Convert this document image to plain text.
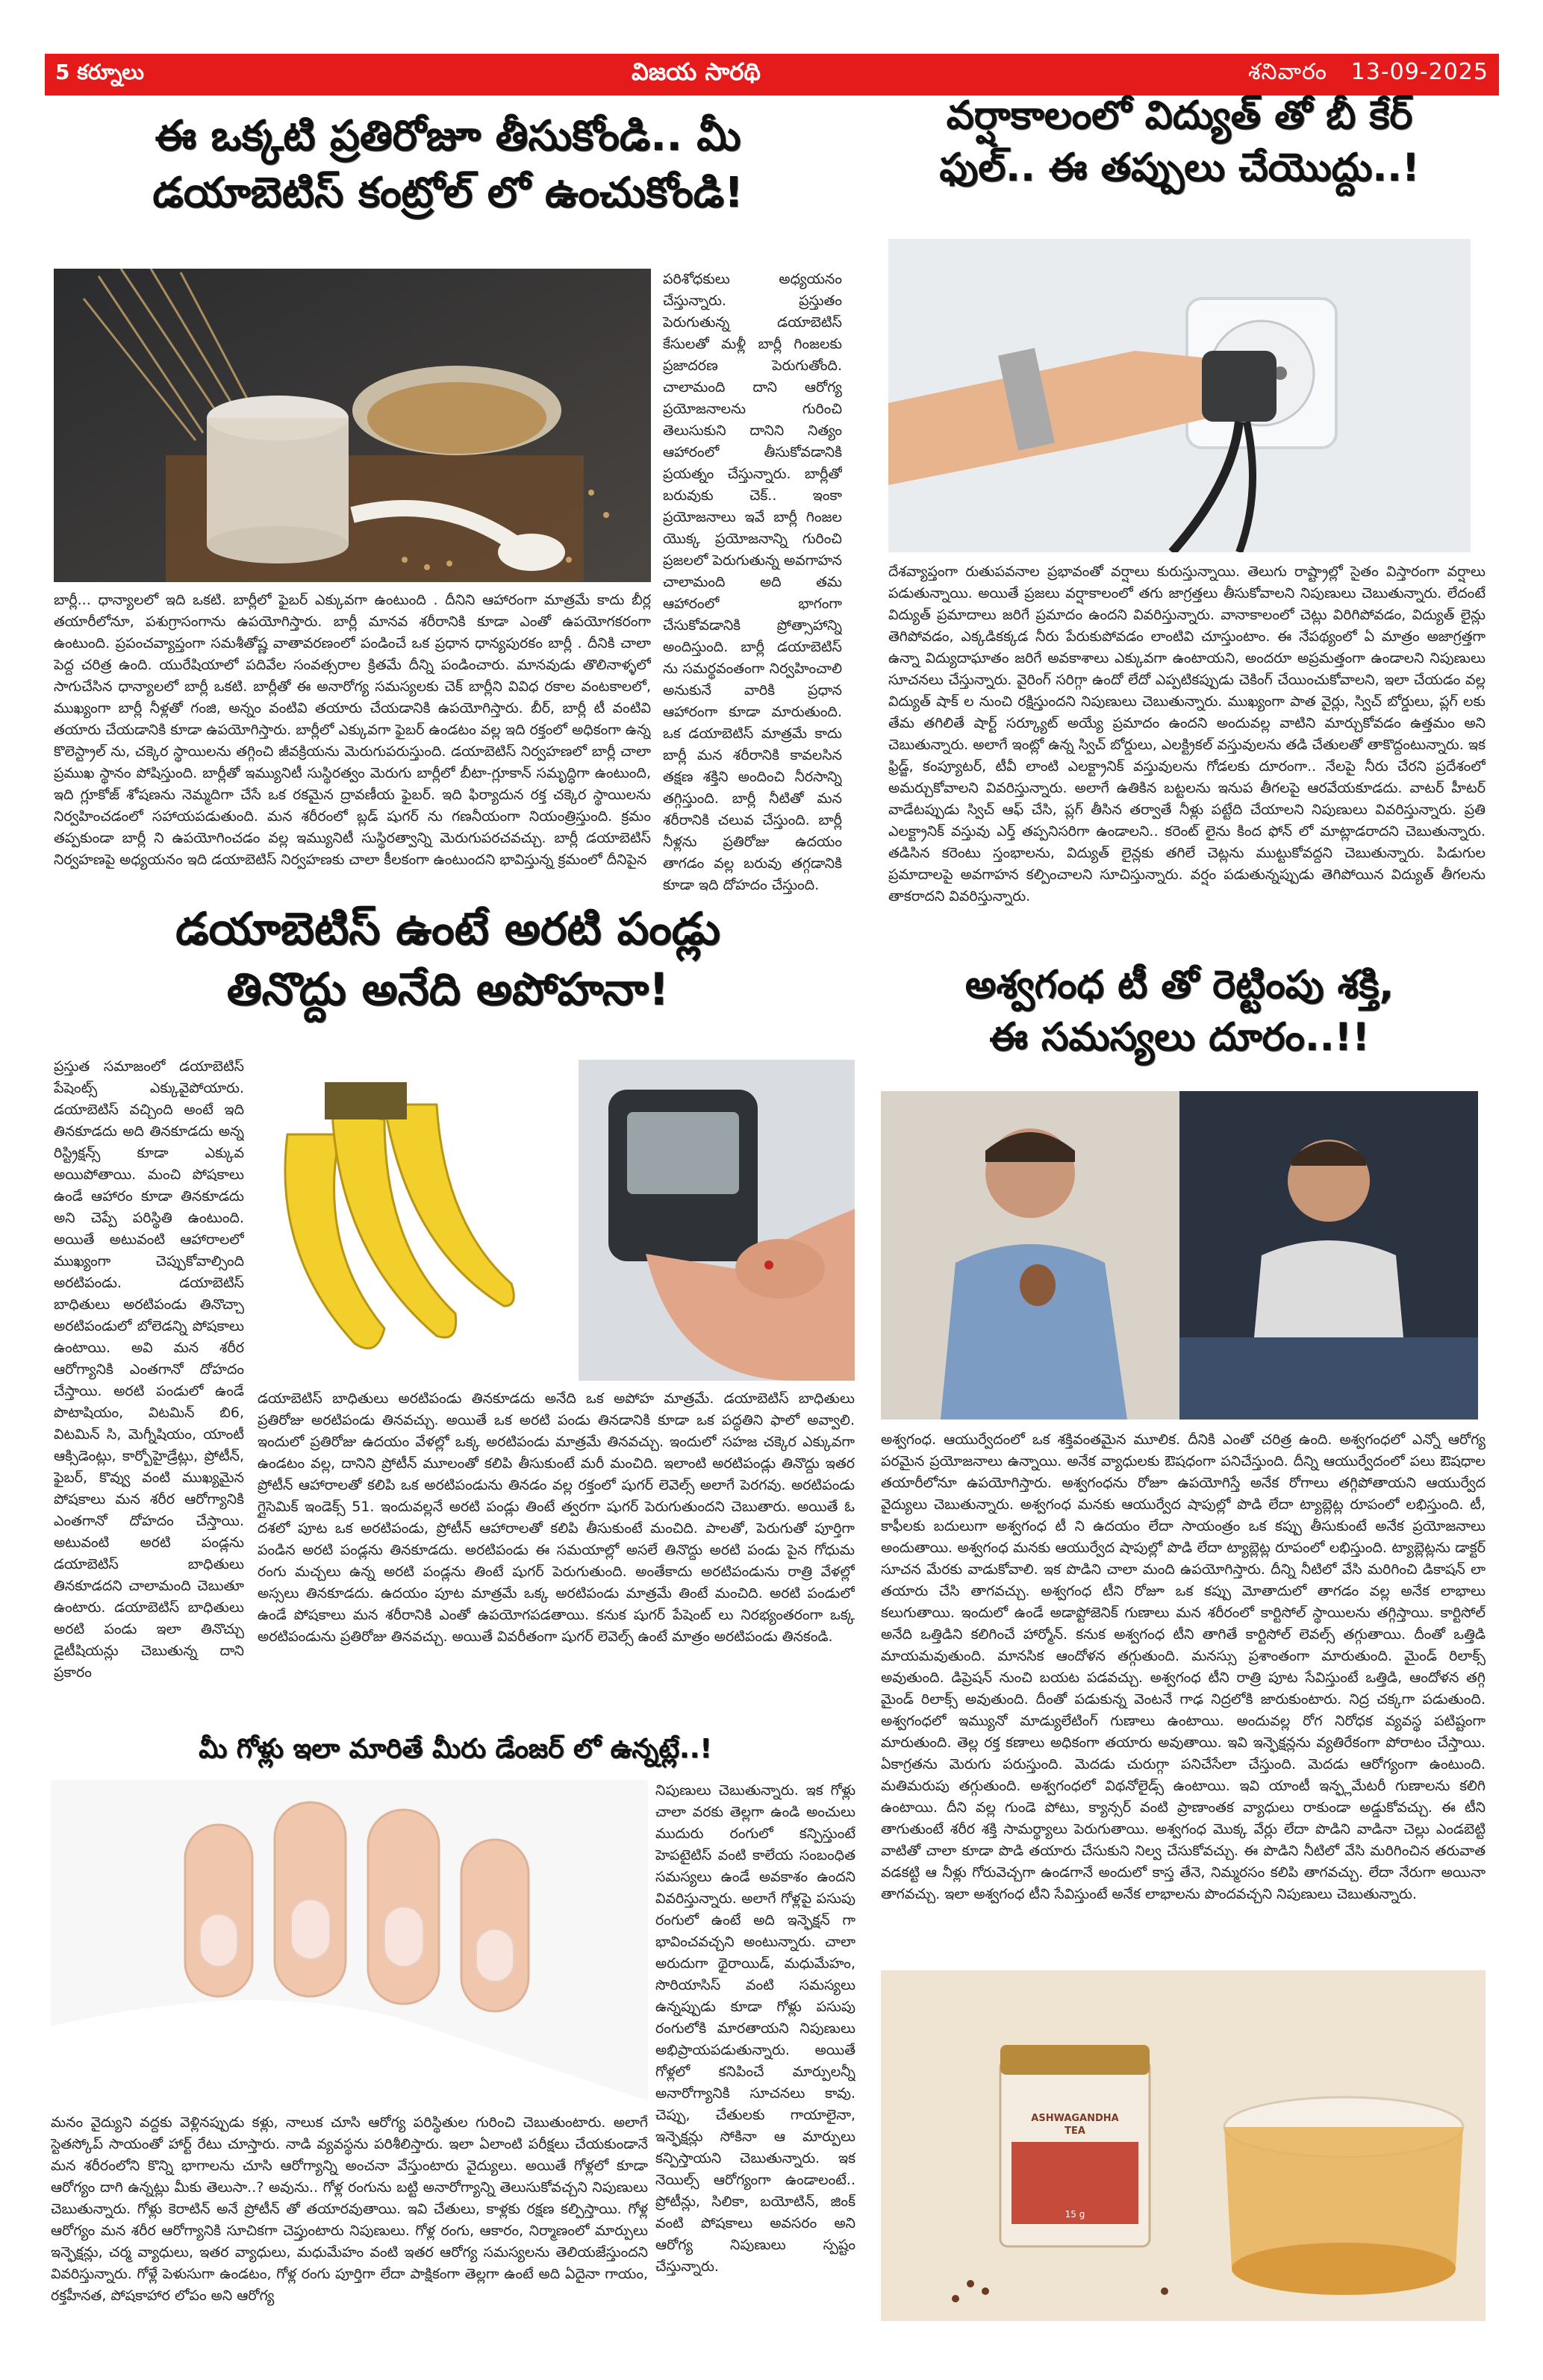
5 కర్నూలు	విజయ సారథి	శనివారం 13-09-2025
ఈ ఒక్కటి ప్రతిరోజూ తీసుకోండి.. మీ
డయాబెటిస్ కంట్రోల్ లో ఉంచుకోండి!
పరిశోధకులు అధ్యయనం చేస్తున్నారు. ప్రస్తుతం పెరుగుతున్న డయాబెటిస్ కేసులతో మళ్లీ బార్లీ గింజలకు ప్రజాదరణ పెరుగుతోంది. చాలామంది దాని ఆరోగ్య ప్రయోజనాలను గురించి తెలుసుకుని దానిని నిత్యం ఆహారంలో తీసుకోవడానికి ప్రయత్నం చేస్తున్నారు. బార్లీతో బరువుకు చెక్.. ఇంకా ప్రయోజనాలు ఇవే బార్లీ గింజల యొక్క ప్రయోజనాన్ని గురించి ప్రజలలో పెరుగుతున్న అవగాహన చాలామంది అది తమ ఆహారంలో భాగంగా చేసుకోవడానికి ప్రోత్సాహాన్ని అందిస్తుంది. బార్లీ డయాబెటిస్ ను సమర్థవంతంగా నిర్వహించాలి అనుకునే వారికి ప్రధాన ఆహారంగా కూడా మారుతుంది. ఒక డయాబెటిస్ మాత్రమే కాదు బార్లీ మన శరీరానికి కావలసిన తక్షణ శక్తిని అందించి నీరసాన్ని తగ్గిస్తుంది. బార్లీ నీటితో మన శరీరానికి చలువ చేస్తుంది. బార్లీ నీళ్లను ప్రతిరోజు ఉదయం తాగడం వల్ల బరువు తగ్గడానికి కూడా ఇది దోహదం చేస్తుంది.
బార్లీ... ధాన్యాలలో ఇది ఒకటి. బార్లీలో ఫైబర్ ఎక్కువగా ఉంటుంది . దీనిని ఆహారంగా మాత్రమే కాదు బీర్ల తయారీలోనూ, పశుగ్రాసంగాను ఉపయోగిస్తారు. బార్లీ మానవ శరీరానికి కూడా ఎంతో ఉపయోగకరంగా ఉంటుంది. ప్రపంచవ్యాప్తంగా సమశీతోష్ణ వాతావరణంలో పండించే ఒక ప్రధాన ధాన్యపురకం బార్లీ . దీనికి చాలా పెద్ద చరిత్ర ఉంది. యురేషియాలో పదివేల సంవత్సరాల క్రితమే దీన్ని పండించారు. మానవుడు తొలినాళ్ళలో సాగుచేసిన ధాన్యాలలో బార్లీ ఒకటి. బార్లీతో ఈ అనారోగ్య సమస్యలకు చెక్ బార్లీని వివిధ రకాల వంటకాలలో, ముఖ్యంగా బార్లీ నీళ్లతో గంజి, అన్నం వంటివి తయారు చేయడానికి ఉపయోగిస్తారు. బీర్, బార్లీ టీ వంటివి తయారు చేయడానికి కూడా ఉపయోగిస్తారు. బార్లీలో ఎక్కువగా ఫైబర్ ఉండటం వల్ల ఇది రక్తంలో అధికంగా ఉన్న కొలెస్ట్రాల్ ను, చక్కెర స్థాయిలను తగ్గించి జీవక్రియను మెరుగుపరుస్తుంది. డయాబెటిస్ నిర్వహణలో బార్లీ చాలా ప్రముఖ స్థానం పోషిస్తుంది. బార్లీతో ఇమ్యునిటీ సుస్థిరత్వం మెరుగు బార్లీలో బీటా-గ్లూకాన్ సమృద్ధిగా ఉంటుంది, ఇది గ్లూకోజ్ శోషణను నెమ్మదిగా చేసే ఒక రకమైన ద్రావణీయ ఫైబర్. ఇది ఫిర్యాదున రక్త చక్కెర స్థాయిలను నిర్వహించడంలో సహాయపడుతుంది. మన శరీరంలో బ్లడ్ షుగర్ ను గణనీయంగా నియంత్రిస్తుంది. క్రమం తప్పకుండా బార్లీ ని ఉపయోగించడం వల్ల ఇమ్యునిటీ సుస్థిరత్వాన్ని మెరుగుపరచవచ్చు. బార్లీ డయాబెటిస్ నిర్వహణపై అధ్యయనం ఇది డయాబెటిస్ నిర్వహణకు చాలా కీలకంగా ఉంటుందని భావిస్తున్న క్రమంలో దీనిపైన
వర్షాకాలంలో విద్యుత్ తో బీ కేర్
ఫుల్.. ఈ తప్పులు చేయొద్దు..!
దేశవ్యాప్తంగా రుతుపవనాల ప్రభావంతో వర్షాలు కురుస్తున్నాయి. తెలుగు రాష్ట్రాల్లో సైతం విస్తారంగా వర్షాలు పడుతున్నాయి. అయితే ప్రజలు వర్షాకాలంలో తగు జాగ్రత్తలు తీసుకోవాలని నిపుణులు చెబుతున్నారు. లేదంటే విద్యుత్ ప్రమాదాలు జరిగే ప్రమాదం ఉందని వివరిస్తున్నారు. వానాకాలంలో చెట్లు విరిగిపోవడం, విద్యుత్ లైన్లు తెగిపోవడం, ఎక్కడికక్కడ నీరు పేరుకుపోవడం లాంటివి చూస్తుంటాం. ఈ నేపథ్యంలో ఏ మాత్రం అజాగ్రత్తగా ఉన్నా విద్యుదాఘాతం జరిగే అవకాశాలు ఎక్కువగా ఉంటాయని, అందరూ అప్రమత్తంగా ఉండాలని నిపుణులు సూచనలు చేస్తున్నారు. వైరింగ్ సరిగ్గా ఉందో లేదో ఎప్పటికప్పుడు చెకింగ్ చేయించుకోవాలని, ఇలా చేయడం వల్ల విద్యుత్ షాక్ ల నుంచి రక్షిస్తుందని నిపుణులు చెబుతున్నారు. ముఖ్యంగా పాత వైర్లు, స్విచ్ బోర్డులు, ప్లగ్ లకు తేమ తగిలితే షార్ట్ సర్క్యూట్ అయ్యే ప్రమాదం ఉందని అందువల్ల వాటిని మార్చుకోవడం ఉత్తమం అని చెబుతున్నారు. అలాగే ఇంట్లో ఉన్న స్విచ్ బోర్డులు, ఎలక్ట్రికల్ వస్తువులను తడి చేతులతో తాకొద్దంటున్నారు. ఇక ఫ్రిడ్జ్, కంప్యూటర్, టీవీ లాంటి ఎలక్ట్రానిక్ వస్తువులను గోడలకు దూరంగా.. నేలపై నీరు చేరని ప్రదేశంలో అమర్చుకోవాలని వివరిస్తున్నారు. అలాగే ఉతికిన బట్టలను ఇనుప తీగలపై ఆరవేయకూడదు. వాటర్ హీటర్ వాడేటప్పుడు స్విచ్ ఆఫ్ చేసి, ప్లగ్ తీసిన తర్వాతే నీళ్లు పట్టేది చేయాలని నిపుణులు వివరిస్తున్నారు. ప్రతి ఎలక్ట్రానిక్ వస్తువు ఎర్త్ తప్పనిసరిగా ఉండాలని.. కరెంట్ లైను కింద ఫోన్ లో మాట్లాడరాదని చెబుతున్నారు. తడిసిన కరెంటు స్తంభాలను, విద్యుత్ లైన్లకు తగిలే చెట్లను ముట్టుకోవద్దని చెబుతున్నారు. పిడుగుల ప్రమాదాలపై అవగాహన కల్పించాలని సూచిస్తున్నారు. వర్షం పడుతున్నప్పుడు తెగిపోయిన విద్యుత్ తీగలను తాకరాదని వివరిస్తున్నారు.
డయాబెటిస్ ఉంటే అరటి పండ్లు
తినొద్దు అనేది అపోహనా!
ప్రస్తుత సమాజంలో డయాబెటిస్ పేషెంట్స్ ఎక్కువైపోయారు. డయాబెటిస్ వచ్చింది అంటే ఇది తినకూడదు అది తినకూడదు అన్న రిస్ట్రిక్షన్స్ కూడా ఎక్కువ అయిపోతాయి. మంచి పోషకాలు ఉండే ఆహారం కూడా తినకూడదు అని చెప్పే పరిస్థితి ఉంటుంది. అయితే అటువంటి ఆహారాలలో ముఖ్యంగా చెప్పుకోవాల్సింది అరటిపండు. డయాబెటిస్ బాధితులు అరటిపండు తినొచ్చా అరటిపండులో బోలెడన్ని పోషకాలు ఉంటాయి. అవి మన శరీర ఆరోగ్యానికి ఎంతగానో దోహదం చేస్తాయి. అరటి పండులో ఉండే పొటాషియం, విటమిన్ బి6, విటమిన్ సి, మెగ్నీషియం, యాంటీ ఆక్సిడెంట్లు, కార్బోహైడ్రేట్లు, ప్రోటీన్, ఫైబర్, కొవ్వు వంటి ముఖ్యమైన పోషకాలు మన శరీర ఆరోగ్యానికి ఎంతగానో దోహదం చేస్తాయి. అటువంటి అరటి పండ్లను డయాబెటిస్ బాధితులు తినకూడదని చాలామంది చెబుతూ ఉంటారు. డయాబెటిస్ బాధితులు అరటి పండు ఇలా తినొచ్చు డైటీషియన్లు చెబుతున్న దాని ప్రకారం
డయాబెటిస్ బాధితులు అరటిపండు తినకూడదు అనేది ఒక అపోహ మాత్రమే. డయాబెటిస్ బాధితులు ప్రతిరోజు అరటిపండు తినవచ్చు. అయితే ఒక అరటి పండు తినడానికి కూడా ఒక పద్ధతిని ఫాలో అవ్వాలి. ఇందులో ప్రతిరోజు ఉదయం వేళల్లో ఒక్క అరటిపండు మాత్రమే తినవచ్చు. ఇందులో సహజ చక్కెర ఎక్కువగా ఉండటం వల్ల, దానిని ప్రోటీన్ మూలంతో కలిపి తీసుకుంటే మరీ మంచిది. ఇలాంటి అరటిపండ్లు తినొద్దు ఇతర ప్రోటీన్ ఆహారాలతో కలిపి ఒక అరటిపండును తినడం వల్ల రక్తంలో షుగర్ లెవెల్స్ అలాగే పెరగవు. అరటిపండు గ్లైసెమిక్ ఇండెక్స్ 51. ఇందువల్లనే అరటి పండ్లు తింటే త్వరగా షుగర్ పెరుగుతుందని చెబుతారు. అయితే ఓ దశలో పూట ఒక అరటిపండు, ప్రోటీన్ ఆహారాలతో కలిపి తీసుకుంటే మంచిది. పాలతో, పెరుగుతో పూర్తిగా పండిన అరటి పండ్లను తినకూడదు. అరటిపండు ఈ సమయాల్లో అసలే తినొద్దు అరటి పండు పైన గోధుమ రంగు మచ్చలు ఉన్న అరటి పండ్లను తింటే షుగర్ పెరుగుతుంది. అంతేకాదు అరటిపండును రాత్రి వేళల్లో అస్సలు తినకూడదు. ఉదయం పూట మాత్రమే ఒక్క అరటిపండు మాత్రమే తింటే మంచిది. అరటి పండులో ఉండే పోషకాలు మన శరీరానికి ఎంతో ఉపయోగపడతాయి. కనుక షుగర్ పేషెంట్ లు నిరభ్యంతరంగా ఒక్క అరటిపండును ప్రతిరోజు తినవచ్చు. అయితే వివరీతంగా షుగర్ లెవెల్స్ ఉంటే మాత్రం అరటిపండు తినకండి.
అశ్వగంధ టీ తో రెట్టింపు శక్తి,
ఈ సమస్యలు దూరం..!!
అశ్వగంధ. ఆయుర్వేదంలో ఒక శక్తివంతమైన మూలిక. దీనికి ఎంతో చరిత్ర ఉంది. అశ్వగంధలో ఎన్నో ఆరోగ్య పరమైన ప్రయోజనాలు ఉన్నాయి. అనేక వ్యాధులకు ఔషధంగా పనిచేస్తుంది. దీన్ని ఆయుర్వేదంలో పలు ఔషధాల తయారీలోనూ ఉపయోగిస్తారు. అశ్వగంధను రోజూ ఉపయోగిస్తే అనేక రోగాలు తగ్గిపోతాయని ఆయుర్వేద వైద్యులు చెబుతున్నారు. అశ్వగంధ మనకు ఆయుర్వేద షాపుల్లో పొడి లేదా ట్యాబ్లెట్ల రూపంలో లభిస్తుంది. టీ, కాఫీలకు బదులుగా అశ్వగంధ టీ ని ఉదయం లేదా సాయంత్రం ఒక కప్పు తీసుకుంటే అనేక ప్రయోజనాలు అందుతాయి. అశ్వగంధ మనకు ఆయుర్వేద షాపుల్లో పొడి లేదా ట్యాబ్లెట్ల రూపంలో లభిస్తుంది. ట్యాబ్లెట్లను డాక్టర్ సూచన మేరకు వాడుకోవాలి. ఇక పొడిని చాలా మంది ఉపయోగిస్తారు. దీన్ని నీటిలో వేసి మరిగించి డికాషన్ లా తయారు చేసి తాగవచ్చు. అశ్వగంధ టీని రోజూ ఒక కప్పు మోతాదులో తాగడం వల్ల అనేక లాభాలు కలుగుతాయి. ఇందులో ఉండే అడాప్టోజెనిక్ గుణాలు మన శరీరంలో కార్టిసోల్ స్థాయిలను తగ్గిస్తాయి. కార్టిసోల్ అనేది ఒత్తిడిని కలిగించే హార్మోన్. కనుక అశ్వగంధ టీని తాగితే కార్టిసోల్ లెవల్స్ తగ్గుతాయి. దీంతో ఒత్తిడి మాయమవుతుంది. మానసిక ఆందోళన తగ్గుతుంది. మనస్సు ప్రశాంతంగా మారుతుంది. మైండ్ రిలాక్స్ అవుతుంది. డిప్రెషన్ నుంచి బయట పడవచ్చు. అశ్వగంధ టీని రాత్రి పూట సేవిస్తుంటే ఒత్తిడి, ఆందోళన తగ్గి మైండ్ రిలాక్స్ అవుతుంది. దీంతో పడుకున్న వెంటనే గాఢ నిద్రలోకి జారుకుంటారు. నిద్ర చక్కగా పడుతుంది. అశ్వగంధలో ఇమ్యునో మాడ్యులేటింగ్ గుణాలు ఉంటాయి. అందువల్ల రోగ నిరోధక వ్యవస్థ పటిష్టంగా మారుతుంది. తెల్ల రక్త కణాలు అధికంగా తయారు అవుతాయి. ఇవి ఇన్ఫెక్షన్లను వ్యతిరేకంగా పోరాటం చేస్తాయి. ఏకాగ్రతను మెరుగు పరుస్తుంది. మెదడు చురుగ్గా పనిచేసేలా చేస్తుంది. మెదడు ఆరోగ్యంగా ఉంటుంది. మతిమరుపు తగ్గుతుంది. అశ్వగంధలో విథనోలైడ్స్ ఉంటాయి. ఇవి యాంటీ ఇన్ఫ్లమేటరీ గుణాలను కలిగి ఉంటాయి. దీని వల్ల గుండె పోటు, క్యాన్సర్ వంటి ప్రాణాంతక వ్యాధులు రాకుండా అడ్డుకోవచ్చు. ఈ టీని తాగుతుంటే శరీర శక్తి సామర్థ్యాలు పెరుగుతాయి. అశ్వగంధ మొక్క వేర్లు లేదా పొడిని వాడినా చెల్లు ఎండబెట్టి వాటితో చాలా కూడా పొడి తయారు చేసుకుని నిల్వ చేసుకోవచ్చు. ఈ పొడిని నీటిలో వేసి మరిగించిన తరువాత వడకట్టి ఆ నీళ్లు గోరువెచ్చగా ఉండగానే అందులో కాస్త తేనె, నిమ్మరసం కలిపి తాగవచ్చు. లేదా నేరుగా అయినా తాగవచ్చు. ఇలా అశ్వగంధ టీని సేవిస్తుంటే అనేక లాభాలను పొందవచ్చని నిపుణులు చెబుతున్నారు.
ASHWAGANDHA
TEA
15 g
మీ గోళ్లు ఇలా మారితే మీరు డేంజర్ లో ఉన్నట్లే..!
నిపుణులు చెబుతున్నారు. ఇక గోళ్లు చాలా వరకు తెల్లగా ఉండి అంచులు ముదురు రంగులో కన్పిస్తుంటే హెపటైటిస్ వంటి కాలేయ సంబంధిత సమస్యలు ఉండే అవకాశం ఉందని వివరిస్తున్నారు. అలాగే గోళ్లపై పసుపు రంగులో ఉంటే అది ఇన్ఫెక్షన్ గా భావించవచ్చని అంటున్నారు. చాలా అరుదుగా థైరాయిడ్, మధుమేహం, సొరియాసిస్ వంటి సమస్యలు ఉన్నప్పుడు కూడా గోళ్లు పసుపు రంగులోకి మారతాయని నిపుణులు అభిప్రాయపడుతున్నారు. అయితే గోళ్లలో కనిపించే మార్పులన్నీ అనారోగ్యానికి సూచనలు కావు. చెప్పు, చేతులకు గాయాలైనా, ఇన్ఫెక్షన్లు సోకినా ఆ మార్పులు కన్పిస్తాయని చెబుతున్నారు. ఇక నెయిల్స్ ఆరోగ్యంగా ఉండాలంటే.. ప్రోటీన్లు, సిలికా, బయోటిన్, జింక్ వంటి పోషకాలు అవసరం అని ఆరోగ్య నిపుణులు స్పష్టం చేస్తున్నారు.
మనం వైద్యుని వద్దకు వెళ్లినప్పుడు కళ్లు, నాలుక చూసి ఆరోగ్య పరిస్థితుల గురించి చెబుతుంటారు. అలాగే స్టెతస్కోప్ సాయంతో హార్ట్ రేటు చూస్తారు. నాడి వ్యవస్థను పరిశీలిస్తారు. ఇలా ఏలాంటి పరీక్షలు చేయకుండానే మన శరీరంలోని కొన్ని భాగాలను చూసి ఆరోగ్యాన్ని అంచనా వేస్తుంటారు వైద్యులు. అయితే గోళ్లలో కూడా ఆరోగ్యం దాగి ఉన్నట్లు మీకు తెలుసా..? అవును.. గోళ్ల రంగును బట్టి అనారోగ్యాన్ని తెలుసుకోవచ్చని నిపుణులు చెబుతున్నారు. గోళ్లు కెరాటిన్ అనే ప్రోటీన్ తో తయారవుతాయి. ఇవి చేతులు, కాళ్లకు రక్షణ కల్పిస్తాయి. గోళ్ల ఆరోగ్యం మన శరీర ఆరోగ్యానికి సూచికగా చెప్తుంటారు నిపుణులు. గోళ్ల రంగు, ఆకారం, నిర్మాణంలో మార్పులు ఇన్ఫెక్షన్లు, చర్మ వ్యాధులు, ఇతర వ్యాధులు, మధుమేహం వంటి ఇతర ఆరోగ్య సమస్యలను తెలియజేస్తుందని వివరిస్తున్నారు. గోళ్లే పెళుసుగా ఉండటం, గోళ్ల రంగు పూర్తిగా లేదా పాక్షికంగా తెల్లగా ఉంటే అది ఏదైనా గాయం, రక్తహీనత, పోషకాహార లోపం అని ఆరోగ్య
